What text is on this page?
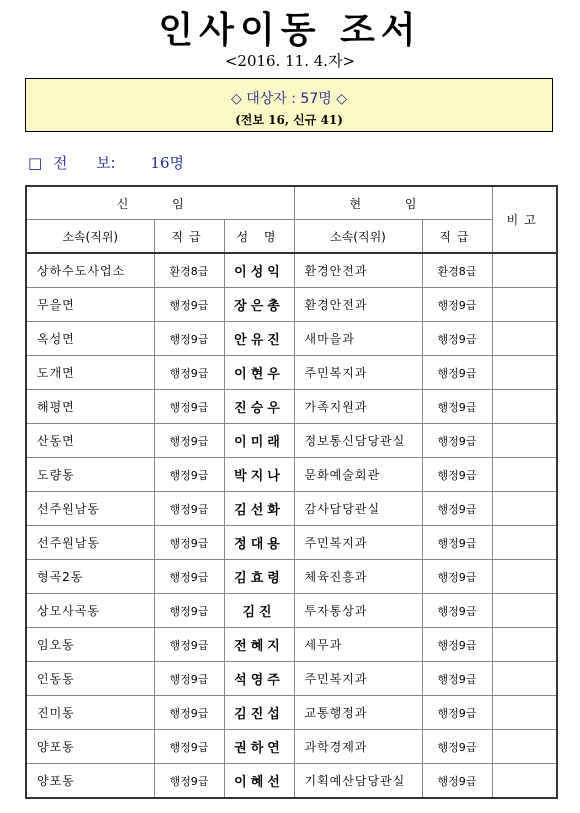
인사이동 조서
<2016. 11. 4.자>
◇ 대상자 : 57명 ◇
(전보 16, 신규 41)
□ 전      보: 16명
신 임			현 임		비고
소속(직위)	직급	성 명	소속(직위)	직급	
상하수도사업소	환경8급	이성익	환경안전과	환경8급	
무을면	행정9급	장은총	환경안전과	행정9급	
옥성면	행정9급	안유진	새마을과	행정9급	
도개면	행정9급	이현우	주민복지과	행정9급	
해평면	행정9급	진승우	가족지원과	행정9급	
산동면	행정9급	이미래	정보통신담당관실	행정9급	
도량동	행정9급	박지나	문화예술회관	행정9급	
선주원남동	행정9급	김선화	감사담당관실	행정9급	
선주원남동	행정9급	정대용	주민복지과	행정9급	
형곡2동	행정9급	김효령	체육진흥과	행정9급	
상모사곡동	행정9급	김진	투자통상과	행정9급	
임오동	행정9급	전혜지	세무과	행정9급	
인동동	행정9급	석영주	주민복지과	행정9급	
진미동	행정9급	김진섭	교통행정과	행정9급	
양포동	행정9급	권하연	과학경제과	행정9급	
양포동	행정9급	이혜선	기획예산담당관실	행정9급	
